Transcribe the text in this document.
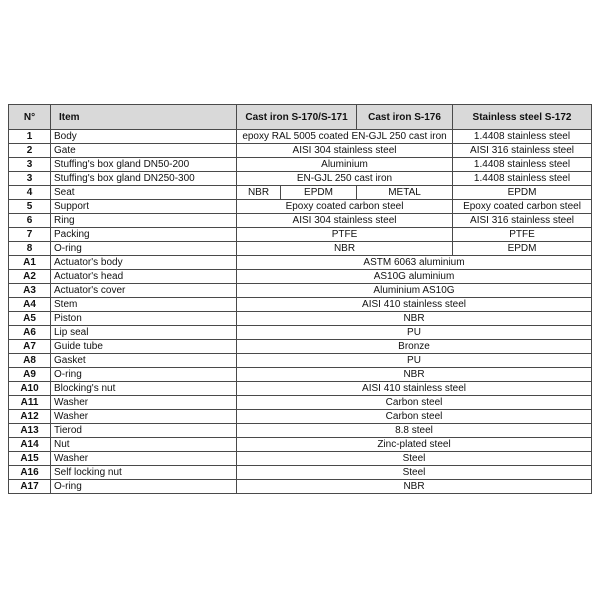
N°	Item	Cast iron S-170/S-171		Cast iron S-176	Stainless steel S-172
1	Body	epoxy RAL 5005 coated EN-GJL 250 cast iron			1.4408 stainless steel
2	Gate	AISI 304 stainless steel			AISI 316 stainless steel
3	Stuffing's box gland DN50-200	Aluminium			1.4408 stainless steel
3	Stuffing's box gland DN250-300	EN-GJL 250 cast iron			1.4408 stainless steel
4	Seat	NBR	EPDM	METAL	EPDM
5	Support	Epoxy coated carbon steel			Epoxy coated carbon steel
6	Ring	AISI 304 stainless steel			AISI 316 stainless steel
7	Packing	PTFE			PTFE
8	O-ring	NBR			EPDM
A1	Actuator's body	ASTM 6063 aluminium			
A2	Actuator's head	AS10G aluminium			
A3	Actuator's cover	Aluminium AS10G			
A4	Stem	AISI 410 stainless steel			
A5	Piston	NBR			
A6	Lip seal	PU			
A7	Guide tube	Bronze			
A8	Gasket	PU			
A9	O-ring	NBR			
A10	Blocking's nut	AISI 410 stainless steel			
A11	Washer	Carbon steel			
A12	Washer	Carbon steel			
A13	Tierod	8.8 steel			
A14	Nut	Zinc-plated steel			
A15	Washer	Steel			
A16	Self locking nut	Steel			
A17	O-ring	NBR			
